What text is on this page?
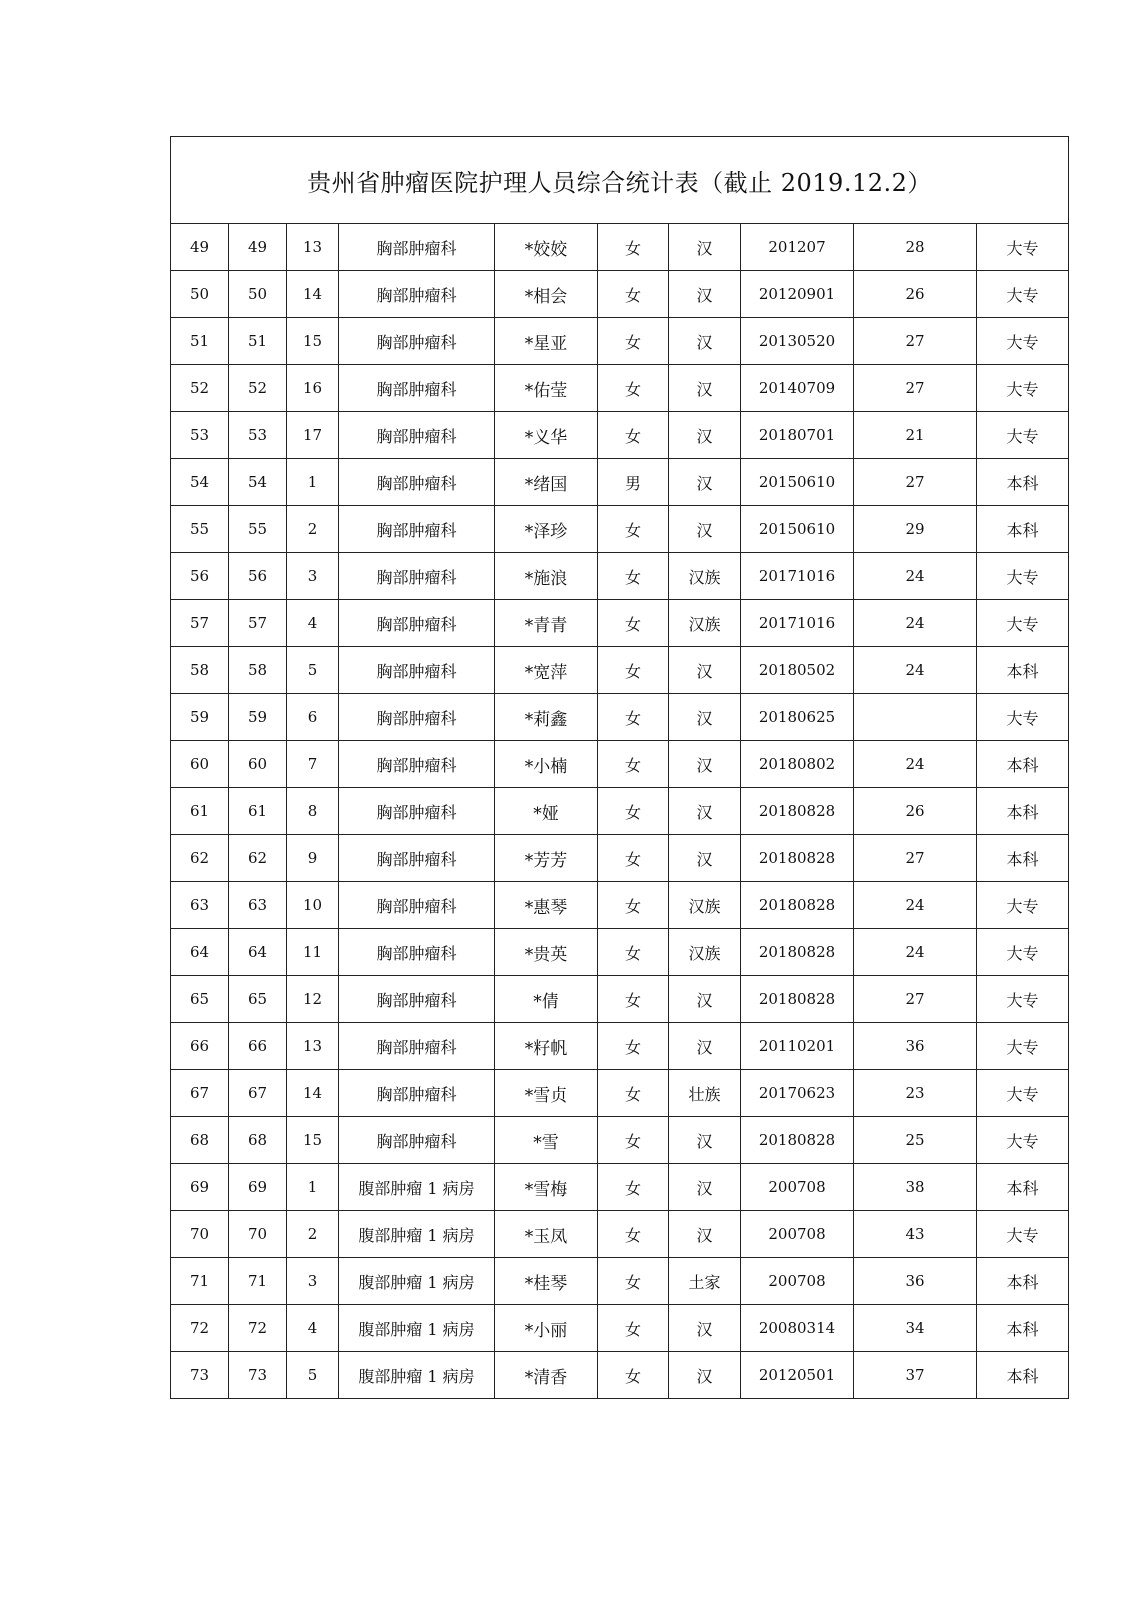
贵州省肿瘤医院护理人员综合统计表（截止 2019.12.2）									
49	49	13	胸部肿瘤科	*姣姣	女	汉	201207	28	大专
50	50	14	胸部肿瘤科	*相会	女	汉	20120901	26	大专
51	51	15	胸部肿瘤科	*星亚	女	汉	20130520	27	大专
52	52	16	胸部肿瘤科	*佑莹	女	汉	20140709	27	大专
53	53	17	胸部肿瘤科	*义华	女	汉	20180701	21	大专
54	54	1	胸部肿瘤科	*绪国	男	汉	20150610	27	本科
55	55	2	胸部肿瘤科	*泽珍	女	汉	20150610	29	本科
56	56	3	胸部肿瘤科	*施浪	女	汉族	20171016	24	大专
57	57	4	胸部肿瘤科	*青青	女	汉族	20171016	24	大专
58	58	5	胸部肿瘤科	*宽萍	女	汉	20180502	24	本科
59	59	6	胸部肿瘤科	*莉鑫	女	汉	20180625		大专
60	60	7	胸部肿瘤科	*小楠	女	汉	20180802	24	本科
61	61	8	胸部肿瘤科	*娅	女	汉	20180828	26	本科
62	62	9	胸部肿瘤科	*芳芳	女	汉	20180828	27	本科
63	63	10	胸部肿瘤科	*惠琴	女	汉族	20180828	24	大专
64	64	11	胸部肿瘤科	*贵英	女	汉族	20180828	24	大专
65	65	12	胸部肿瘤科	*倩	女	汉	20180828	27	大专
66	66	13	胸部肿瘤科	*籽帆	女	汉	20110201	36	大专
67	67	14	胸部肿瘤科	*雪贞	女	壮族	20170623	23	大专
68	68	15	胸部肿瘤科	*雪	女	汉	20180828	25	大专
69	69	1	腹部肿瘤 1 病房	*雪梅	女	汉	200708	38	本科
70	70	2	腹部肿瘤 1 病房	*玉凤	女	汉	200708	43	大专
71	71	3	腹部肿瘤 1 病房	*桂琴	女	土家	200708	36	本科
72	72	4	腹部肿瘤 1 病房	*小丽	女	汉	20080314	34	本科
73	73	5	腹部肿瘤 1 病房	*清香	女	汉	20120501	37	本科
